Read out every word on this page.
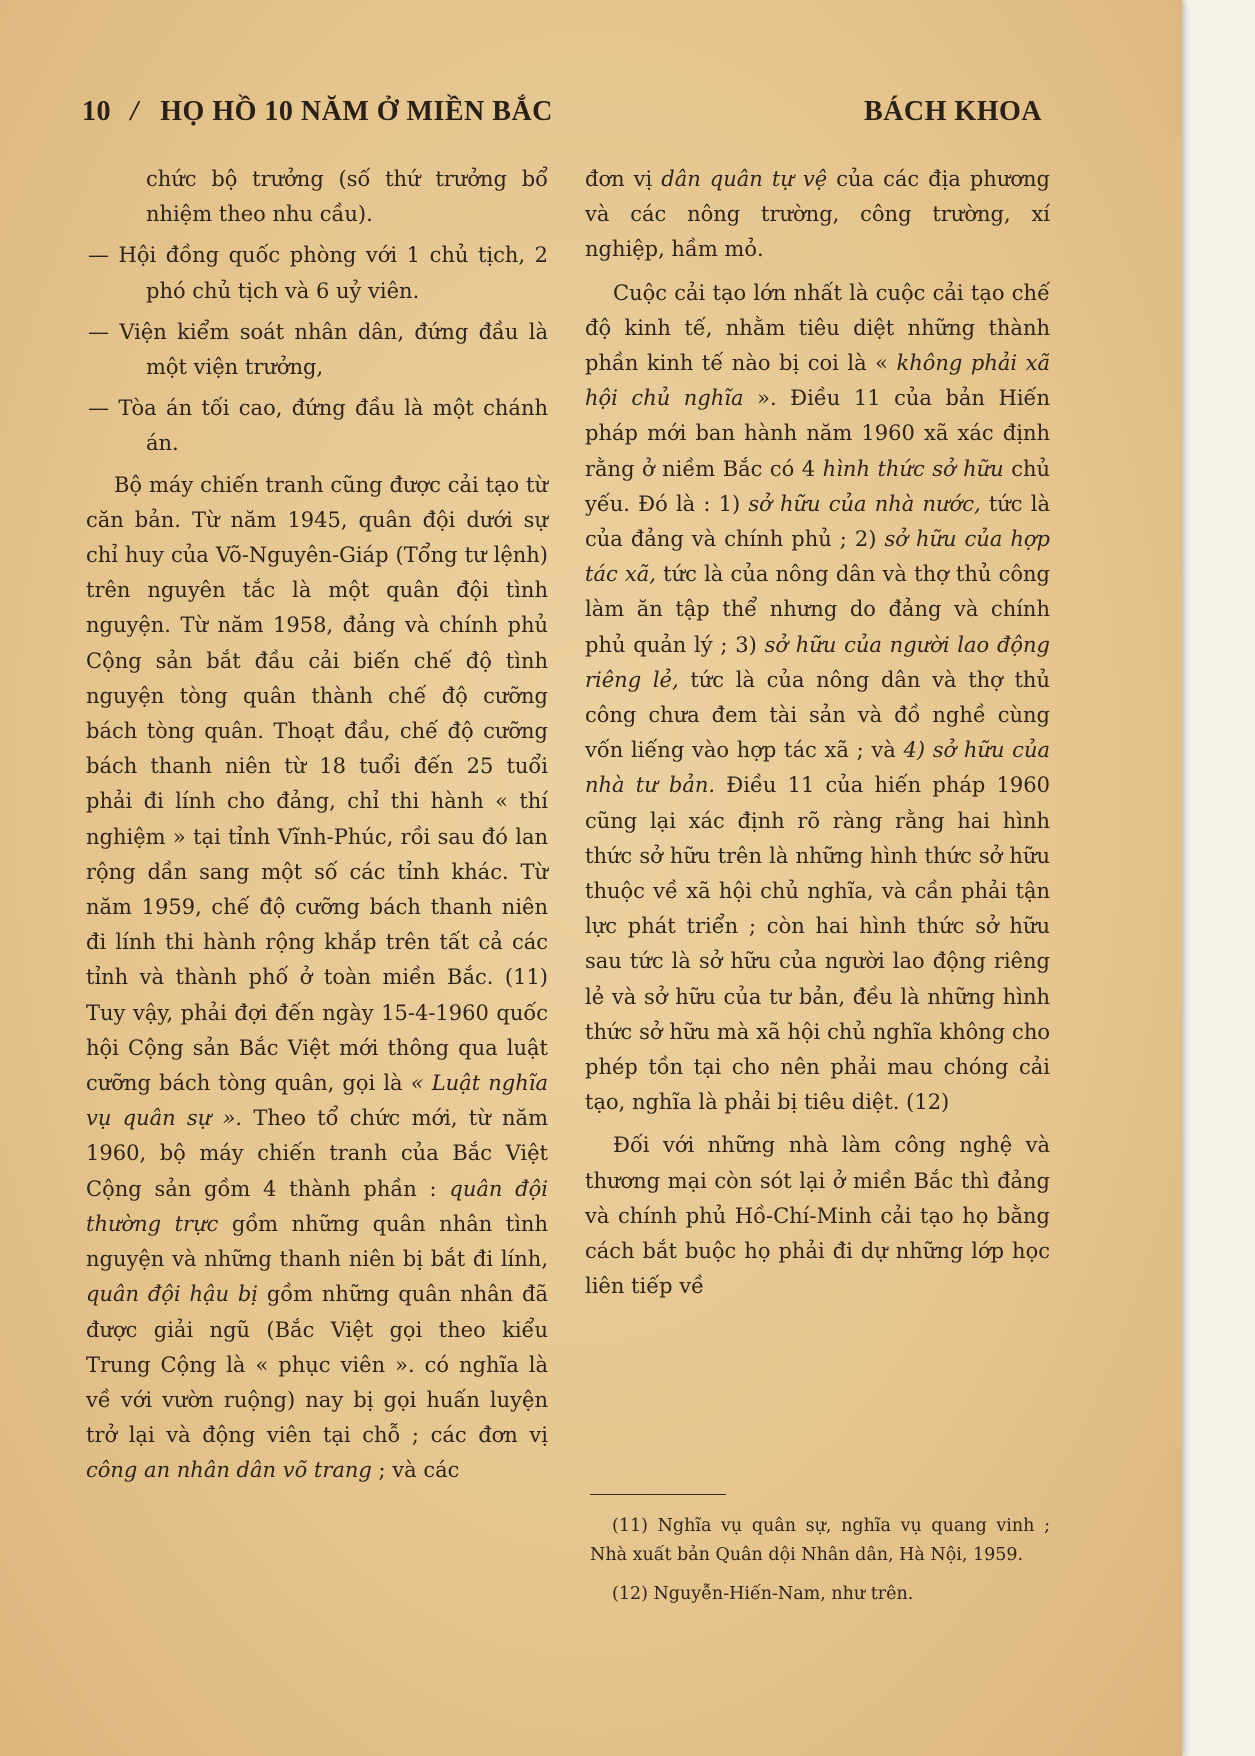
10 / HỌ HỒ 10 NĂM Ở MIỀN BẮC	BÁCH KHOA

chức bộ trưởng (số thứ trưởng bổ nhiệm theo nhu cầu).

— Hội đồng quốc phòng với 1 chủ tịch, 2 phó chủ tịch và 6 uỷ viên.

— Viện kiểm soát nhân dân, đứng đầu là một viện trưởng,

— Tòa án tối cao, đứng đầu là một chánh án.

Bộ máy chiến tranh cũng được cải tạo từ căn bản. Từ năm 1945, quân đội dưới sự chỉ huy của Võ-Nguyên-Giáp (Tổng tư lệnh) trên nguyên tắc là một quân đội tình nguyện. Từ năm 1958, đảng và chính phủ Cộng sản bắt đầu cải biến chế độ tình nguyện tòng quân thành chế độ cưỡng bách tòng quân. Thoạt đầu, chế độ cưỡng bách thanh niên từ 18 tuổi đến 25 tuổi phải đi lính cho đảng, chỉ thi hành « thí nghiệm » tại tỉnh Vĩnh-Phúc, rồi sau đó lan rộng dần sang một số các tỉnh khác. Từ năm 1959, chế độ cưỡng bách thanh niên đi lính thi hành rộng khắp trên tất cả các tỉnh và thành phố ở toàn miền Bắc. (11) Tuy vậy, phải đợi đến ngày 15-4-1960 quốc hội Cộng sản Bắc Việt mới thông qua luật cưỡng bách tòng quân, gọi là « Luật nghĩa vụ quân sự ». Theo tổ chức mới, từ năm 1960, bộ máy chiến tranh của Bắc Việt Cộng sản gồm 4 thành phần : quân đội thường trực gồm những quân nhân tình nguyện và những thanh niên bị bắt đi lính, quân đội hậu bị gồm những quân nhân đã được giải ngũ (Bắc Việt gọi theo kiểu Trung Cộng là « phục viên ». có nghĩa là về với vườn ruộng) nay bị gọi huấn luyện trở lại và động viên tại chỗ ; các đơn vị công an nhân dân võ trang ; và các

đơn vị dân quân tự vệ của các địa phương và các nông trường, công trường, xí nghiệp, hầm mỏ.

Cuộc cải tạo lớn nhất là cuộc cải tạo chế độ kinh tế, nhằm tiêu diệt những thành phần kinh tế nào bị coi là « không phải xã hội chủ nghĩa ». Điều 11 của bản Hiến pháp mới ban hành năm 1960 xã xác định rằng ở niềm Bắc có 4 hình thức sở hữu chủ yếu. Đó là : 1) sở hữu của nhà nước, tức là của đảng và chính phủ ; 2) sở hữu của hợp tác xã, tức là của nông dân và thợ thủ công làm ăn tập thể nhưng do đảng và chính phủ quản lý ; 3) sở hữu của người lao động riêng lẻ, tức là của nông dân và thợ thủ công chưa đem tài sản và đồ nghề cùng vốn liếng vào hợp tác xã ; và 4) sở hữu của nhà tư bản. Điều 11 của hiến pháp 1960 cũng lại xác định rõ ràng rằng hai hình thức sở hữu trên là những hình thức sở hữu thuộc về xã hội chủ nghĩa, và cần phải tận lực phát triển ; còn hai hình thức sở hữu sau tức là sở hữu của người lao động riêng lẻ và sở hữu của tư bản, đều là những hình thức sở hữu mà xã hội chủ nghĩa không cho phép tồn tại cho nên phải mau chóng cải tạo, nghĩa là phải bị tiêu diệt. (12)

Đối với những nhà làm công nghệ và thương mại còn sót lại ở miền Bắc thì đảng và chính phủ Hồ-Chí-Minh cải tạo họ bằng cách bắt buộc họ phải đi dự những lớp học liên tiếp về

(11) Nghĩa vụ quân sự, nghĩa vụ quang vinh ; Nhà xuất bản Quân dội Nhân dân, Hà Nội, 1959.

(12) Nguyễn-Hiến-Nam, như trên.
